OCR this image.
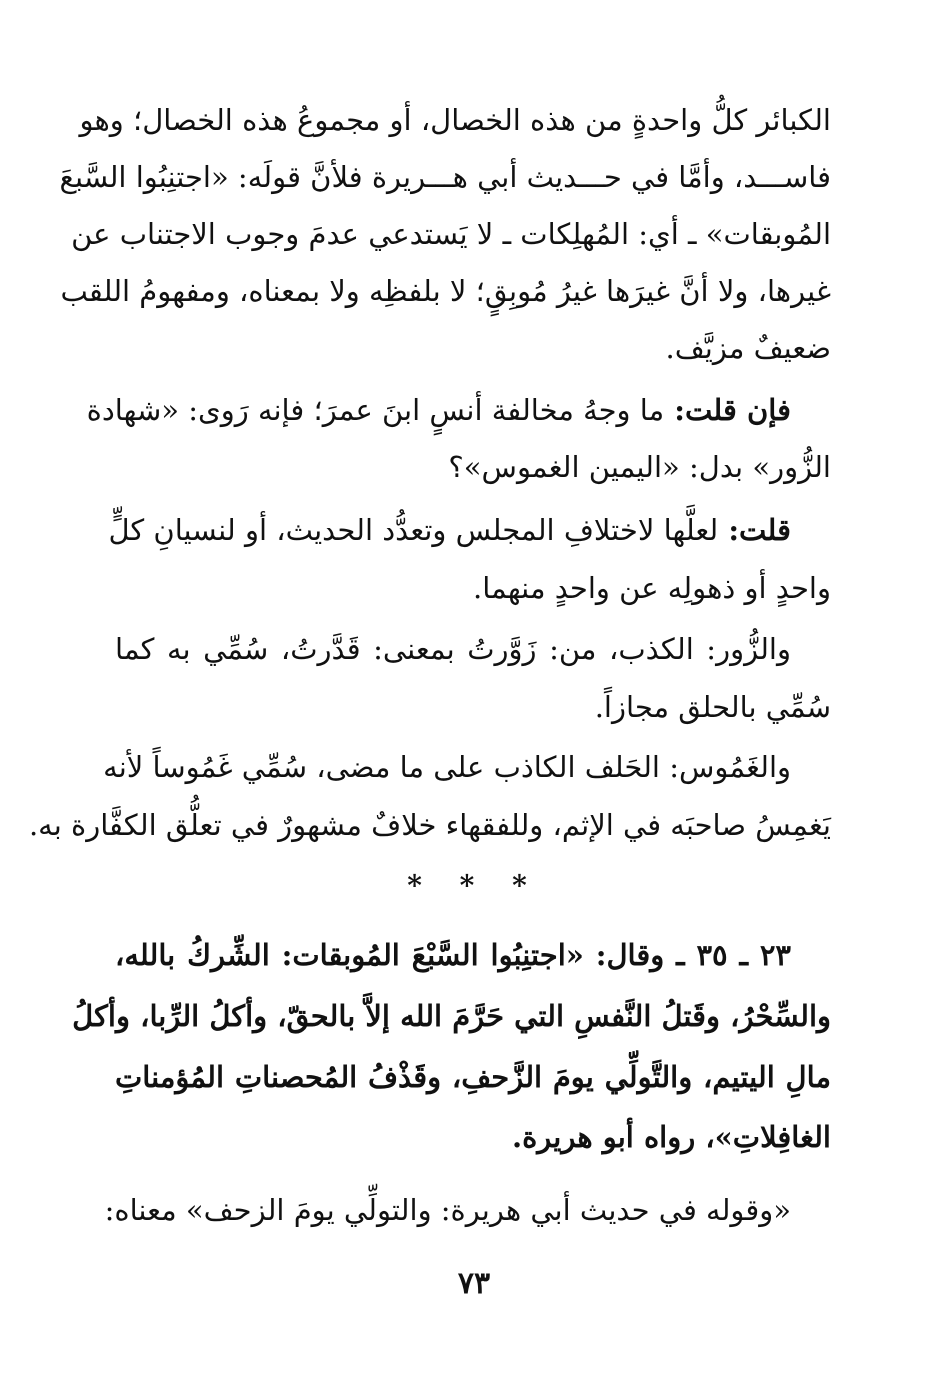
الكبائر كلُّ واحدةٍ من هذه الخصال، أو مجموعُ هذه الخصال؛ وهو
فاســـد، وأمَّا في حـــديث أبي هـــريرة فلأنَّ قولَه: «اجتنِبُوا السَّبعَ
المُوبقات» ـ أي: المُهلِكات ـ لا يَستدعي عدمَ وجوب الاجتناب عن
غيرها، ولا أنَّ غيرَها غيرُ مُوبِقٍ؛ لا بلفظِه ولا بمعناه، ومفهومُ اللقب
ضعيفٌ مزيَّف.
فإن قلت: ما وجهُ مخالفة أنسٍ ابنَ عمرَ؛ فإنه رَوى: «شهادة
الزُّور» بدل: «اليمين الغموس»؟
قلت: لعلَّها لاختلافِ المجلس وتعدُّد الحديث، أو لنسيانِ كلٍّ
واحدٍ أو ذهولِه عن واحدٍ منهما.
والزُّور: الكذب، من: زَوَّرتُ بمعنى: قَدَّرتُ، سُمِّي به كما
سُمِّي بالحلق مجازاً.
والغَمُوس: الحَلف الكاذب على ما مضى، سُمِّي غَمُوساً لأنه
يَغمِسُ صاحبَه في الإثم، وللفقهاء خلافٌ مشهورٌ في تعلُّق الكفَّارة به.
* * *
٢٣ ـ ٣٥ ـ وقال: «اجتنِبُوا السَّبْعَ المُوبقات: الشِّركُ بالله،
والسِّحْرُ، وقَتلُ النَّفسِ التي حَرَّمَ الله إلاَّ بالحقّ، وأكلُ الرِّبا، وأكلُ
مالِ اليتيم، والتَّولِّي يومَ الزَّحفِ، وقَذْفُ المُحصناتِ المُؤمناتِ
الغافِلاتِ»، رواه أبو هريرة.
«وقوله في حديث أبي هريرة: والتولِّي يومَ الزحف» معناه:
٧٣
